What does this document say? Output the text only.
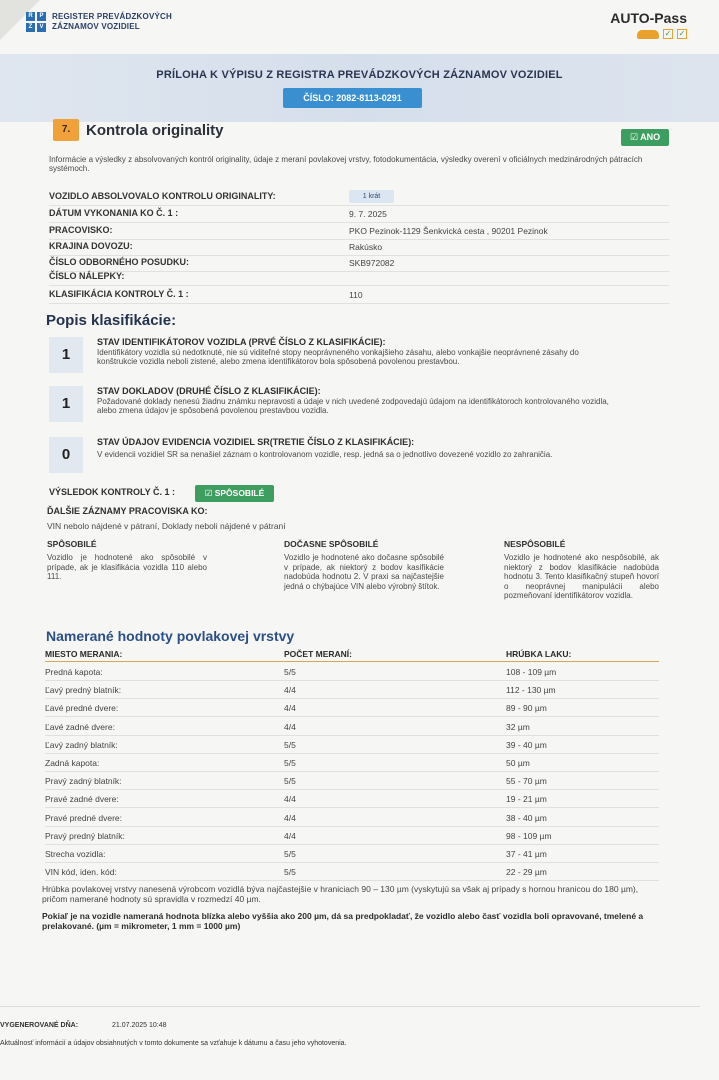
R	P
Z	V
REGISTER PREVÁDZKOVÝCH
ZÁZNAMOV VOZIDIEL
AUTO-Pass
✓ ✓
PRÍLOHA K VÝPISU Z REGISTRA PREVÁDZKOVÝCH ZÁZNAMOV VOZIDIEL
ČÍSLO: 2082-8113-0291
7.	Kontrola originality	☑ ANO
Informácie a výsledky z absolvovaných kontról originality, údaje z meraní povlakovej vrstvy, fotodokumentácia, výsledky overení v oficiálnych medzinárodných pátracích systémoch.
VOZIDLO ABSOLVOVALO KONTROLU ORIGINALITY:	1 krát
DÁTUM VYKONANIA KO Č. 1 :	9. 7. 2025
PRACOVISKO:	PKO Pezinok-1129 Šenkvická cesta , 90201 Pezinok
KRAJINA DOVOZU:	Rakúsko
ČÍSLO ODBORNÉHO POSUDKU:	SKB972082
ČÍSLO NÁLEPKY:
KLASIFIKÁCIA KONTROLY Č. 1 :	110
Popis klasifikácie:
1
STAV IDENTIFIKÁTOROV VOZIDLA (PRVÉ ČÍSLO Z KLASIFIKÁCIE):
Identifikátory vozidla sú nedotknuté, nie sú viditeľné stopy neoprávneného vonkajšieho zásahu, alebo vonkajšie neoprávnené zásahy do konštrukcie vozidla neboli zistené, alebo zmena identifikátorov bola spôsobená povolenou prestavbou.
1
STAV DOKLADOV (DRUHÉ ČÍSLO Z KLASIFIKÁCIE):
Požadované doklady nenesú žiadnu známku nepravosti a údaje v nich uvedené zodpovedajú údajom na identifikátoroch kontrolovaného vozidla, alebo zmena údajov je spôsobená povolenou prestavbou vozidla.
0
STAV ÚDAJOV EVIDENCIA VOZIDIEL SR(TRETIE ČÍSLO Z KLASIFIKÁCIE):
V evidencii vozidiel SR sa nenašiel záznam o kontrolovanom vozidle, resp. jedná sa o jednotlivo dovezené vozidlo zo zahraničia.
VÝSLEDOK KONTROLY Č. 1 :	☑ SPÔSOBILÉ
ĎALŠIE ZÁZNAMY PRACOVISKA KO:
VIN nebolo nájdené v pátraní, Doklady neboli nájdené v pátraní
SPÔSOBILÉ
Vozidlo je hodnotené ako spôsobilé v prípade, ak je klasifikácia vozidla 110 alebo 111.
DOČASNE SPÔSOBILÉ
Vozidlo je hodnotené ako dočasne spôsobilé v prípade, ak niektorý z bodov kasifikácie nadobúda hodnotu 2. V praxi sa najčastejšie jedná o chýbajúce VIN alebo výrobný štítok.
NESPÔSOBILÉ
Vozidlo je hodnotené ako nespôsobilé, ak niektorý z bodov klasifikácie nadobúda hodnotu 3. Tento klasifikačný stupeň hovorí o neoprávnej manipulácii alebo pozmeňovaní identifikátorov vozidla.
Namerané hodnoty povlakovej vrstvy
MIESTO MERANIA:	POČET MERANÍ:	HRÚBKA LAKU:
Predná kapota:	5/5	108 - 109 µm
Ľavý predný blatník:	4/4	112 - 130 µm
Ľavé predné dvere:	4/4	89 - 90 µm
Ľavé zadné dvere:	4/4	32 µm
Ľavý zadný blatník:	5/5	39 - 40 µm
Zadná kapota:	5/5	50 µm
Pravý zadný blatník:	5/5	55 - 70 µm
Pravé zadné dvere:	4/4	19 - 21 µm
Pravé predné dvere:	4/4	38 - 40 µm
Pravý predný blatník:	4/4	98 - 109 µm
Strecha vozidla:	5/5	37 - 41 µm
VIN kód, iden. kód:	5/5	22 - 29 µm
Hrúbka povlakovej vrstvy nanesená výrobcom vozidlá býva najčastejšie v hraniciach 90 – 130 µm (vyskytujú sa však aj prípady s hornou hranicou do 180 µm), pričom namerané hodnoty sú spravidla v rozmedzí 40 µm.
Pokiaľ je na vozidle nameraná hodnota blízka alebo vyššia ako 200 µm, dá sa predpokladať, že vozidlo alebo časť vozidla boli opravované, tmelené a prelakované. (µm = mikrometer, 1 mm = 1000 µm)
VYGENEROVANÉ DŇA:	21.07.2025 10:48
Aktuálnosť informácií a údajov obsiahnutých v tomto dokumente sa vzťahuje k dátumu a času jeho vyhotovenia.
